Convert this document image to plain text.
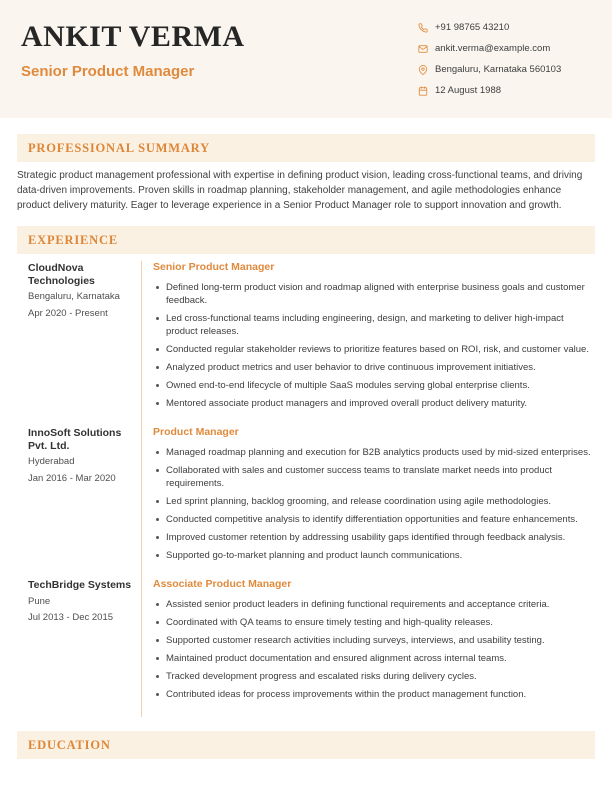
ANKIT VERMA
Senior Product Manager
+91 98765 43210
ankit.verma@example.com
Bengaluru, Karnataka 560103
12 August 1988
PROFESSIONAL SUMMARY

Strategic product management professional with expertise in defining product vision, leading cross-functional teams, and driving data-driven improvements. Proven skills in roadmap planning, stakeholder management, and agile methodologies enhance product delivery maturity. Eager to leverage experience in a Senior Product Manager role to support innovation and growth.

EXPERIENCE
CloudNova Technologies
Bengaluru, Karnataka
Apr 2020 - Present
Senior Product Manager
Defined long-term product vision and roadmap aligned with enterprise business goals and customer feedback.
Led cross-functional teams including engineering, design, and marketing to deliver high-impact product releases.
Conducted regular stakeholder reviews to prioritize features based on ROI, risk, and customer value.
Analyzed product metrics and user behavior to drive continuous improvement initiatives.
Owned end-to-end lifecycle of multiple SaaS modules serving global enterprise clients.
Mentored associate product managers and improved overall product delivery maturity.
InnoSoft Solutions Pvt. Ltd.
Hyderabad
Jan 2016 - Mar 2020
Product Manager
Managed roadmap planning and execution for B2B analytics products used by mid-sized enterprises.
Collaborated with sales and customer success teams to translate market needs into product requirements.
Led sprint planning, backlog grooming, and release coordination using agile methodologies.
Conducted competitive analysis to identify differentiation opportunities and feature enhancements.
Improved customer retention by addressing usability gaps identified through feedback analysis.
Supported go-to-market planning and product launch communications.
TechBridge Systems
Pune
Jul 2013 - Dec 2015
Associate Product Manager
Assisted senior product leaders in defining functional requirements and acceptance criteria.
Coordinated with QA teams to ensure timely testing and high-quality releases.
Supported customer research activities including surveys, interviews, and usability testing.
Maintained product documentation and ensured alignment across internal teams.
Tracked development progress and escalated risks during delivery cycles.
Contributed ideas for process improvements within the product management function.
EDUCATION
